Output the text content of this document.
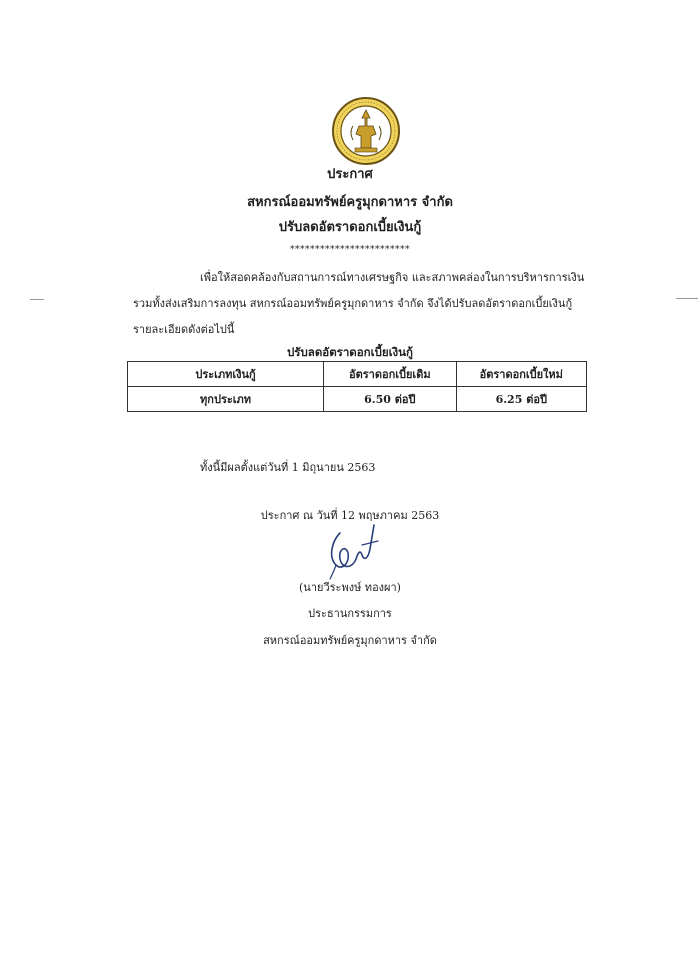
ประกาศ
สหกรณ์ออมทรัพย์ครูมุกดาหาร จำกัด
ปรับลดอัตราดอกเบี้ยเงินกู้
************************
เพื่อให้สอดคล้องกับสถานการณ์ทางเศรษฐกิจ และสภาพคล่องในการบริหารการเงิน
รวมทั้งส่งเสริมการลงทุน สหกรณ์ออมทรัพย์ครูมุกดาหาร จำกัด จึงได้ปรับลดอัตราดอกเบี้ยเงินกู้
รายละเอียดดังต่อไปนี้
ปรับลดอัตราดอกเบี้ยเงินกู้
ประเภทเงินกู้	อัตราดอกเบี้ยเดิม	อัตราดอกเบี้ยใหม่
ทุกประเภท	6.50 ต่อปี	6.25 ต่อปี
ทั้งนี้มีผลตั้งแต่วันที่ 1 มิถุนายน 2563
ประกาศ ณ วันที่ 12 พฤษภาคม 2563
(นายวีระพงษ์ ทองผา)
ประธานกรรมการ
สหกรณ์ออมทรัพย์ครูมุกดาหาร จำกัด
